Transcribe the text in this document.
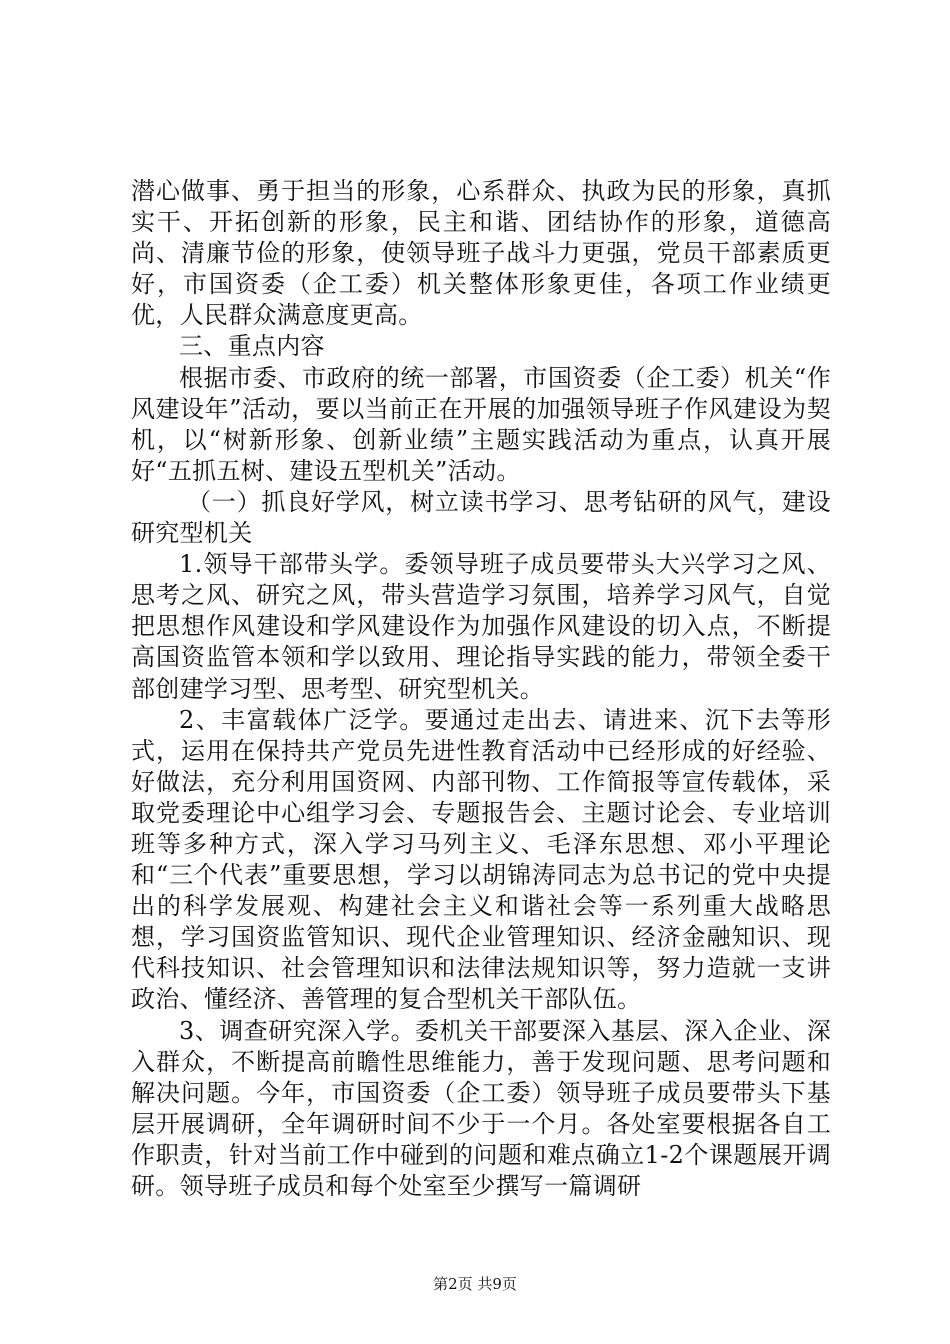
潜心做事、勇于担当的形象，心系群众、执政为民的形象，真抓实干、开拓创新的形象，民主和谐、团结协作的形象，道德高尚、清廉节俭的形象，使领导班子战斗力更强，党员干部素质更好，市国资委（企工委）机关整体形象更佳，各项工作业绩更优，人民群众满意度更高。

三、重点内容

根据市委、市政府的统一部署，市国资委（企工委）机关“作风建设年”活动，要以当前正在开展的加强领导班子作风建设为契机，以“树新形象、创新业绩”主题实践活动为重点，认真开展好“五抓五树、建设五型机关”活动。

（一）抓良好学风，树立读书学习、思考钻研的风气，建设研究型机关

1.领导干部带头学。委领导班子成员要带头大兴学习之风、思考之风、研究之风，带头营造学习氛围，培养学习风气，自觉把思想作风建设和学风建设作为加强作风建设的切入点，不断提高国资监管本领和学以致用、理论指导实践的能力，带领全委干部创建学习型、思考型、研究型机关。

2、丰富载体广泛学。要通过走出去、请进来、沉下去等形式，运用在保持共产党员先进性教育活动中已经形成的好经验、好做法，充分利用国资网、内部刊物、工作简报等宣传载体，采取党委理论中心组学习会、专题报告会、主题讨论会、专业培训班等多种方式，深入学习马列主义、毛泽东思想、邓小平理论和“三个代表”重要思想，学习以胡锦涛同志为总书记的党中央提出的科学发展观、构建社会主义和谐社会等一系列重大战略思想，学习国资监管知识、现代企业管理知识、经济金融知识、现代科技知识、社会管理知识和法律法规知识等，努力造就一支讲政治、懂经济、善管理的复合型机关干部队伍。

3、调查研究深入学。委机关干部要深入基层、深入企业、深入群众，不断提高前瞻性思维能力，善于发现问题、思考问题和解决问题。今年，市国资委（企工委）领导班子成员要带头下基层开展调研，全年调研时间不少于一个月。各处室要根据各自工作职责，针对当前工作中碰到的问题和难点确立1-2个课题展开调研。领导班子成员和每个处室至少撰写一篇调研

第2页 共9页
